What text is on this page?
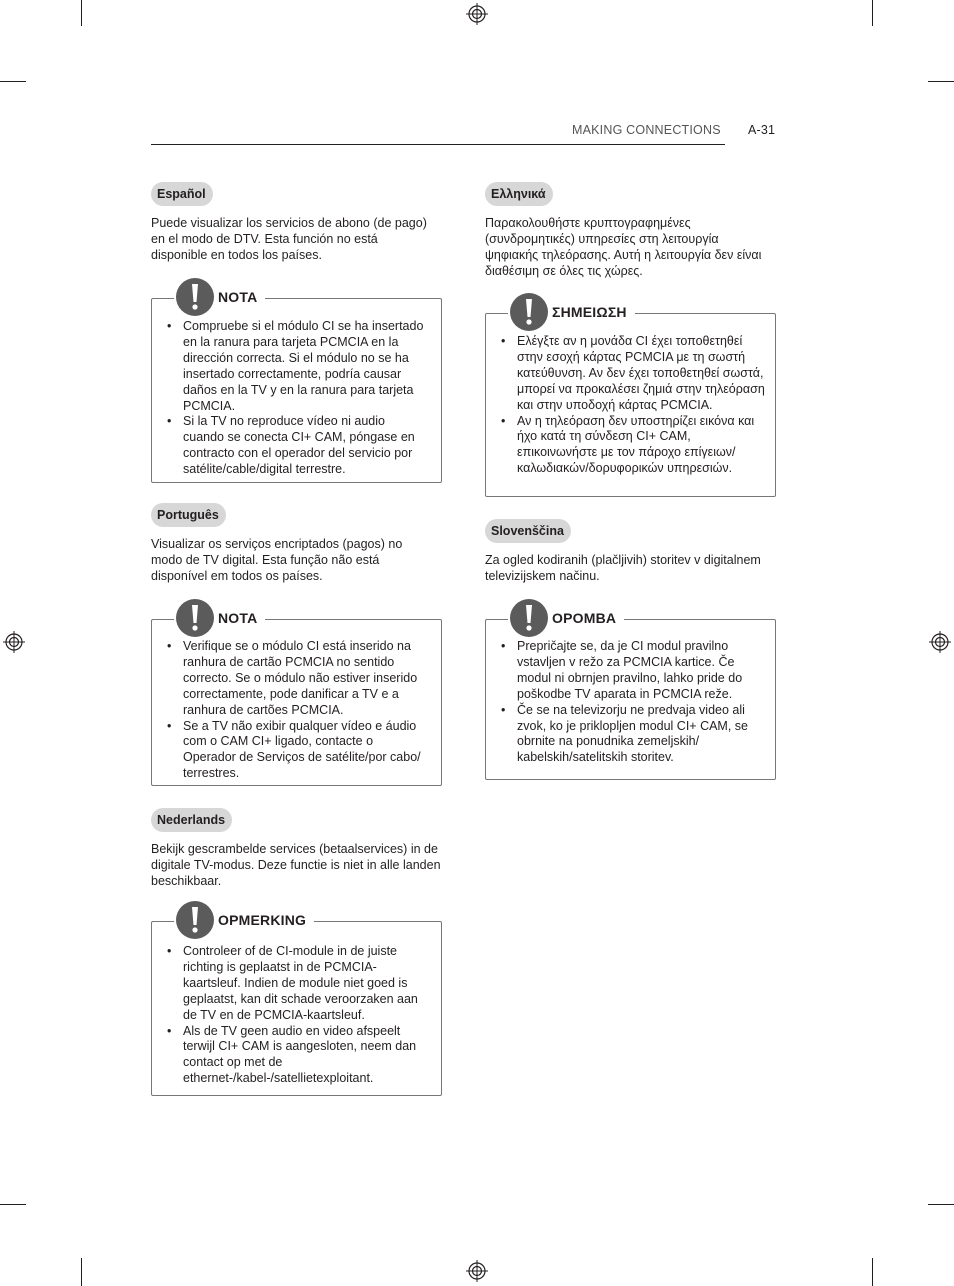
MAKING CONNECTIONS A-31
Español

Puede visualizar los servicios de abono (de pago) en el modo de DTV. Esta función no está disponible en todos los países.

NOTA
• Compruebe si el módulo CI se ha insertado en la ranura para tarjeta PCMCIA en la dirección correcta. Si el módulo no se ha insertado correctamente, podría causar daños en la TV y en la ranura para tarjeta PCMCIA.
• Si la TV no reproduce vídeo ni audio cuando se conecta CI+ CAM, póngase en contracto con el operador del servicio por satélite/cable/digital terrestre.
Português

Visualizar os serviços encriptados (pagos) no modo de TV digital. Esta função não está disponível em todos os países.

NOTA
• Verifique se o módulo CI está inserido na ranhura de cartão PCMCIA no sentido correcto. Se o módulo não estiver inserido correctamente, pode danificar a TV e a ranhura de cartões PCMCIA.
• Se a TV não exibir qualquer vídeo e áudio com o CAM CI+ ligado, contacte o Operador de Serviços de satélite/por cabo/ terrestres.
Nederlands

Bekijk gescrambelde services (betaalservices) in de digitale TV-modus. Deze functie is niet in alle landen beschikbaar.

OPMERKING
• Controleer of de CI-module in de juiste richting is geplaatst in de PCMCIA-kaartsleuf. Indien de module niet goed is geplaatst, kan dit schade veroorzaken aan de TV en de PCMCIA-kaartsleuf.
• Als de TV geen audio en video afspeelt terwijl CI+ CAM is aangesloten, neem dan contact op met de ethernet-/kabel-/satellietexploitant.
Ελληνικά

Παρακολουθήστε κρυπτογραφημένες (συνδρομητικές) υπηρεσίες στη λειτουργία ψηφιακής τηλεόρασης. Αυτή η λειτουργία δεν είναι διαθέσιμη σε όλες τις χώρες.

ΣΗΜΕΙΩΣΗ
• Ελέγξτε αν η μονάδα CI έχει τοποθετηθεί στην εσοχή κάρτας PCMCIA με τη σωστή κατεύθυνση. Αν δεν έχει τοποθετηθεί σωστά, μπορεί να προκαλέσει ζημιά στην τηλεόραση και στην υποδοχή κάρτας PCMCIA.
• Αν η τηλεόραση δεν υποστηρίζει εικόνα και ήχο κατά τη σύνδεση CI+ CAM, επικοινωνήστε με τον πάροχο επίγειων/ καλωδιακών/δορυφορικών υπηρεσιών.
Slovenščina

Za ogled kodiranih (plačljivih) storitev v digitalnem televizijskem načinu.

OPOMBA
• Prepričajte se, da je CI modul pravilno vstavljen v režo za PCMCIA kartice. Če modul ni obrnjen pravilno, lahko pride do poškodbe TV aparata in PCMCIA reže.
• Če se na televizorju ne predvaja video ali zvok, ko je priklopljen modul CI+ CAM, se obrnite na ponudnika zemeljskih/ kabelskih/satelitskih storitev.
